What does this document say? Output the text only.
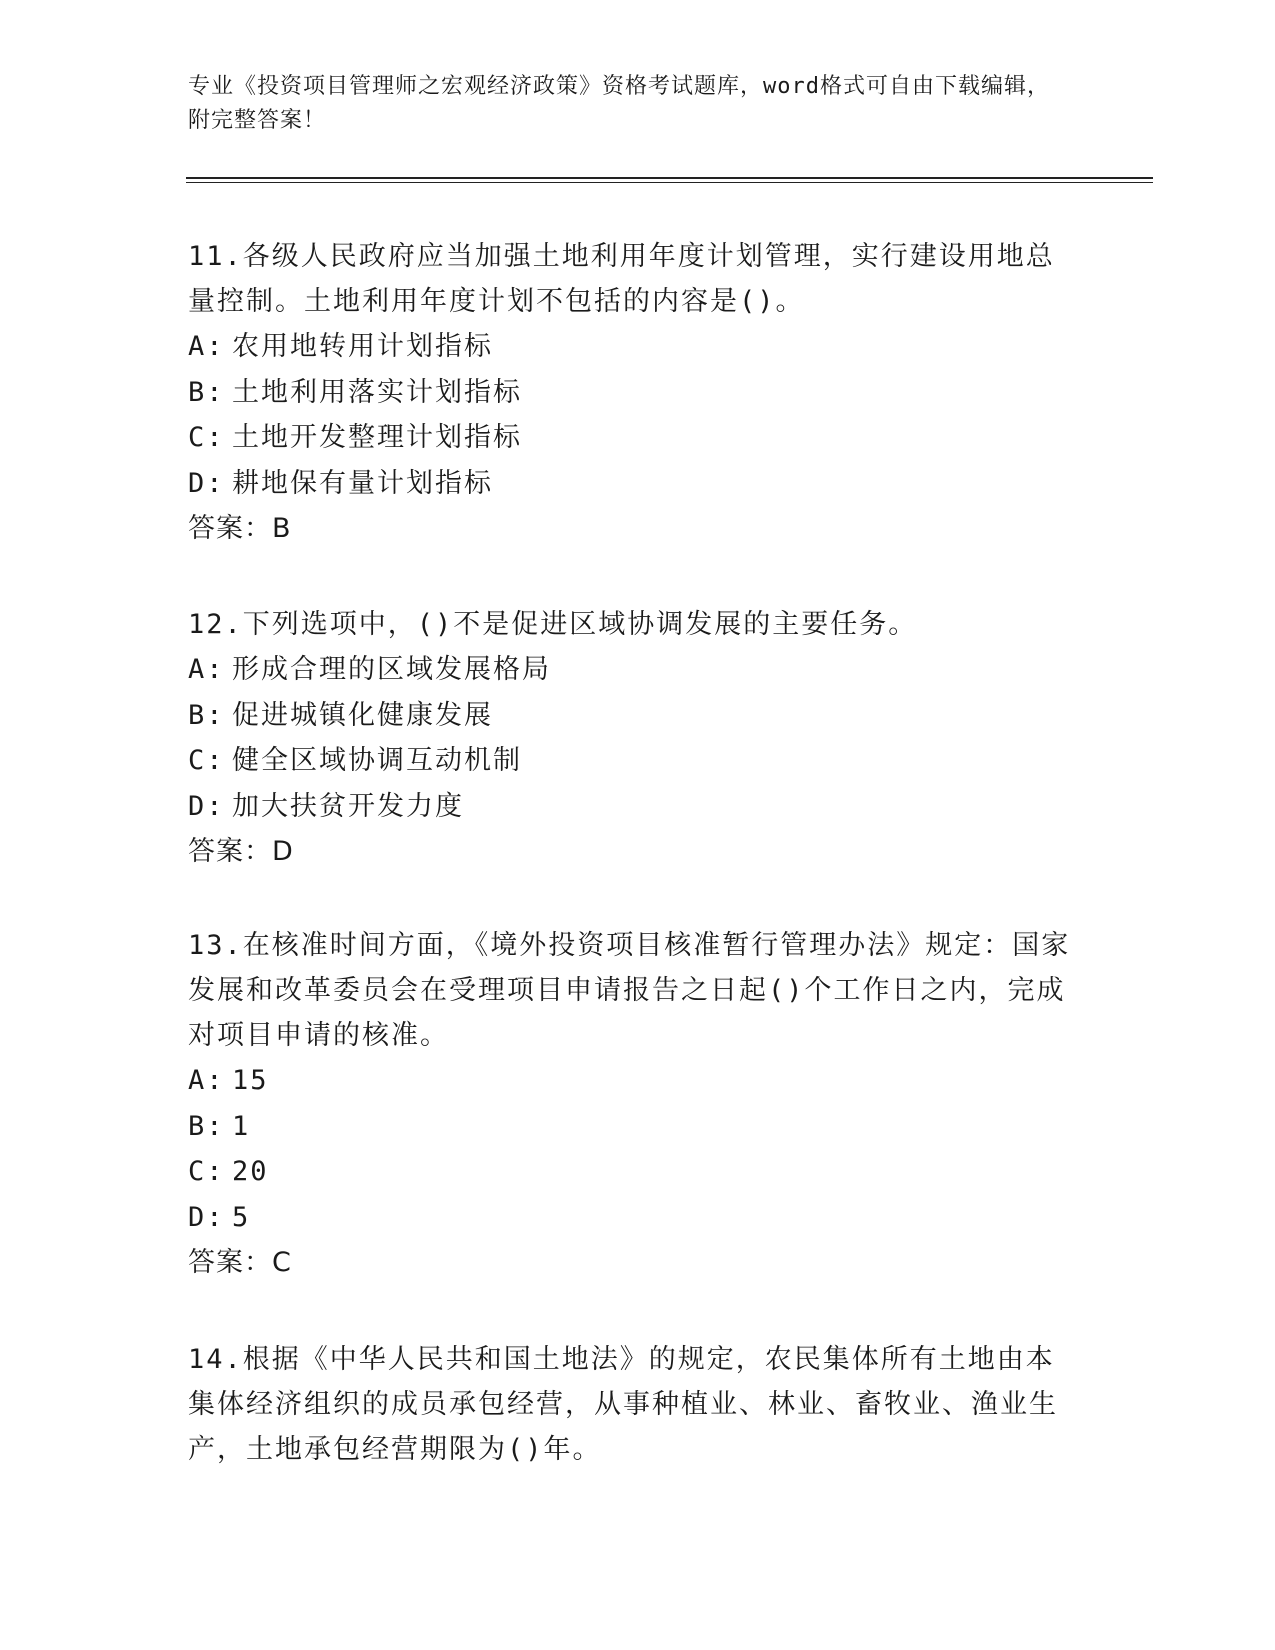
专业《投资项目管理师之宏观经济政策》资格考试题库，word格式可自由下载编辑，附完整答案！

11.各级人民政府应当加强土地利用年度计划管理，实行建设用地总量控制。土地利用年度计划不包括的内容是()。

A: 农用地转用计划指标

B: 土地利用落实计划指标

C: 土地开发整理计划指标

D: 耕地保有量计划指标

答案：B

12.下列选项中，()不是促进区域协调发展的主要任务。

A: 形成合理的区域发展格局

B: 促进城镇化健康发展

C: 健全区域协调互动机制

D: 加大扶贫开发力度

答案：D

13.在核准时间方面，《境外投资项目核准暂行管理办法》规定：国家发展和改革委员会在受理项目申请报告之日起()个工作日之内，完成对项目申请的核准。

A: 15

B: 1

C: 20

D: 5

答案：C

14.根据《中华人民共和国土地法》的规定，农民集体所有土地由本集体经济组织的成员承包经营，从事种植业、林业、畜牧业、渔业生产，土地承包经营期限为()年。
